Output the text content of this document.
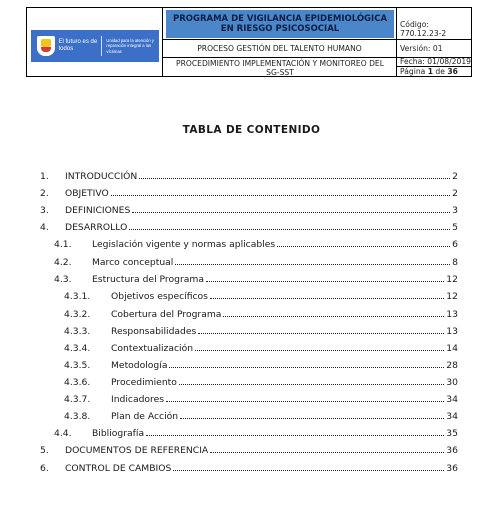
El futuro es de todos
Unidad para la atención y reparación integral a las víctimas
PROGRAMA DE VIGILANCIA EPIDEMIOLÓGICA EN RIESGO PSICOSOCIAL
PROCESO GESTIÓN DEL TALENTO HUMANO
PROCEDIMIENTO IMPLEMENTACIÓN Y MONITOREO DEL SG-SST
Código: 770.12.23-2
Versión: 01
Fecha: 01/08/2019
Página 1 de 36
TABLA DE CONTENIDO
1.	INTRODUCCIÓN	2
2.	OBJETIVO	2
3.	DEFINICIONES	3
4.	DESARROLLO	5
4.1.	Legislación vigente y normas aplicables	6
4.2.	Marco conceptual	8
4.3.	Estructura del Programa	12
4.3.1.	Objetivos específicos	12
4.3.2.	Cobertura del Programa	13
4.3.3.	Responsabilidades	13
4.3.4.	Contextualización	14
4.3.5.	Metodología	28
4.3.6.	Procedimiento	30
4.3.7.	Indicadores	34
4.3.8.	Plan de Acción	34
4.4.	Bibliografía	35
5.	DOCUMENTOS DE REFERENCIA	36
6.	CONTROL DE CAMBIOS	36
